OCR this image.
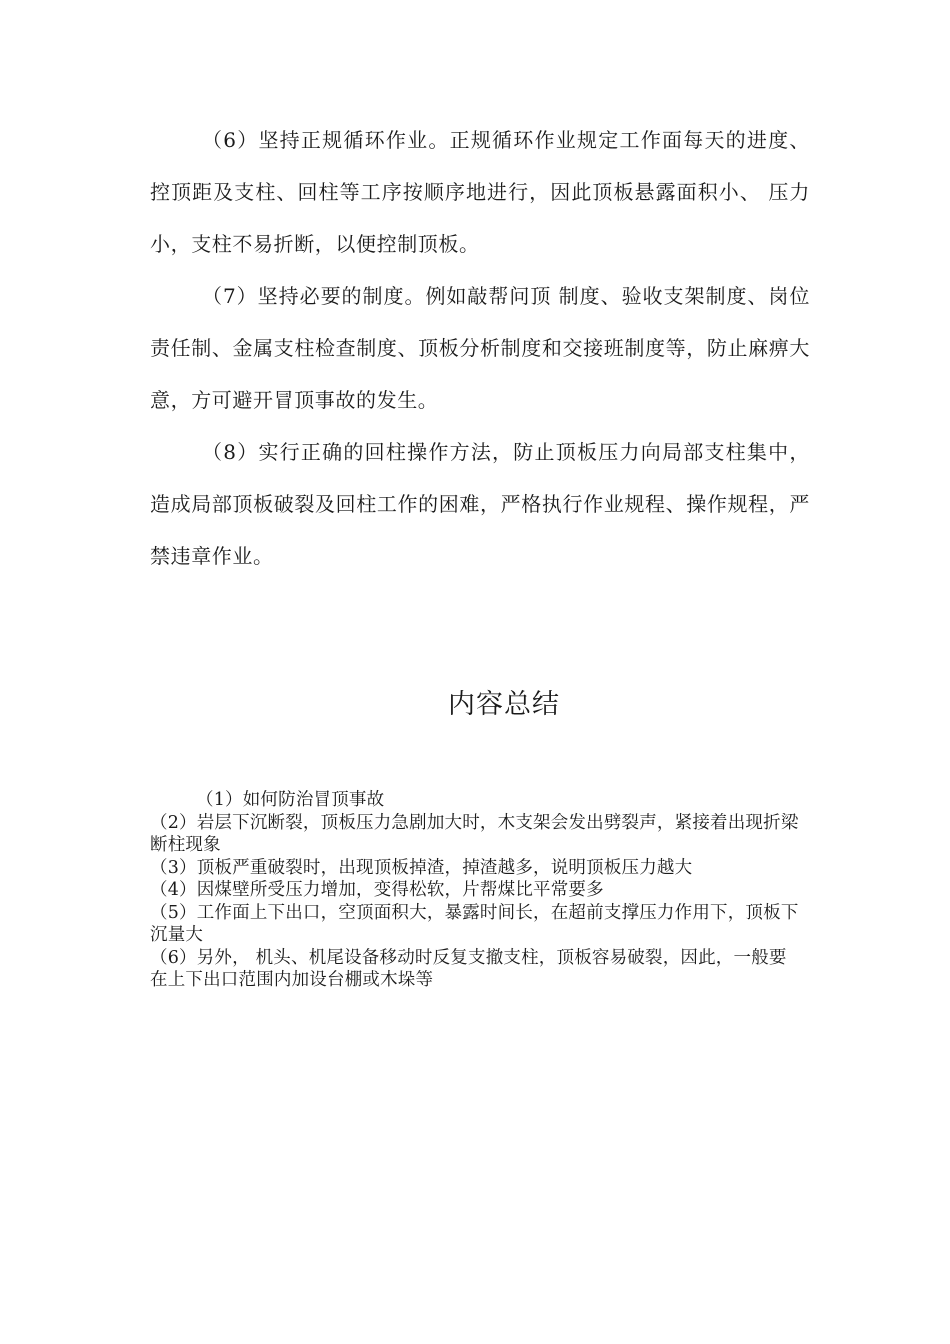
（6）坚持正规循环作业。正规循环作业规定工作面每天的进度、控顶距及支柱、回柱等工序按顺序地进行，因此顶板悬露面积小、 压力小，支柱不易折断，以便控制顶板。

（7）坚持必要的制度。例如敲帮问顶 制度、验收支架制度、岗位责任制、金属支柱检查制度、顶板分析制度和交接班制度等，防止麻痹大意，方可避开冒顶事故的发生。

（8）实行正确的回柱操作方法，防止顶板压力向局部支柱集中，造成局部顶板破裂及回柱工作的困难，严格执行作业规程、操作规程，严禁违章作业。

内容总结

（1）如何防治冒顶事故

（2）岩层下沉断裂，顶板压力急剧加大时，木支架会发出劈裂声，紧接着出现折梁断柱现象

（3）顶板严重破裂时，出现顶板掉渣，掉渣越多，说明顶板压力越大

（4）因煤壁所受压力增加，变得松软，片帮煤比平常要多

（5）工作面上下出口，空顶面积大，暴露时间长，在超前支撑压力作用下，顶板下沉量大

（6）另外， 机头、机尾设备移动时反复支撤支柱，顶板容易破裂，因此，一般要在上下出口范围内加设台棚或木垛等
